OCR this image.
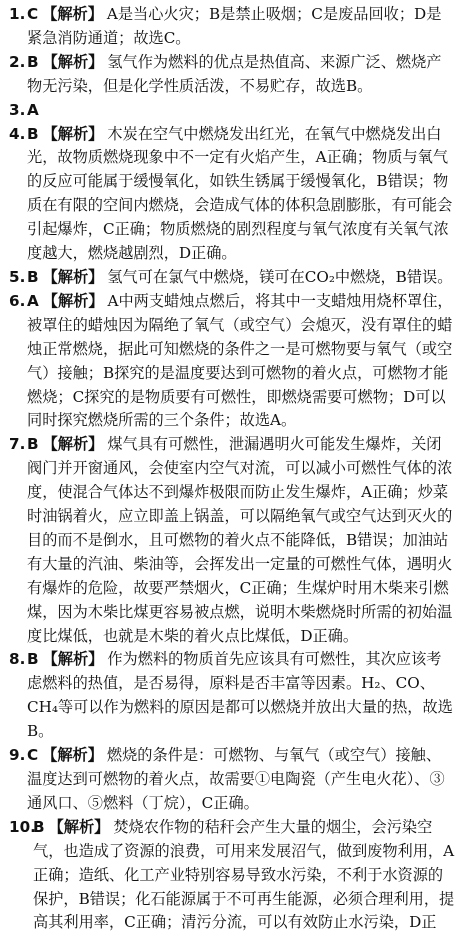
1. C 【解析】 A是当心火灾；B是禁止吸烟；C是废品回收；D是紧急消防通道；故选C。
2. B 【解析】 氢气作为燃料的优点是热值高、来源广泛、燃烧产物无污染，但是化学性质活泼，不易贮存，故选B。
3. A
4. B 【解析】 木炭在空气中燃烧发出红光，在氧气中燃烧发出白光，故物质燃烧现象中不一定有火焰产生，A正确；物质与氧气的反应可能属于缓慢氧化，如铁生锈属于缓慢氧化，B错误；物质在有限的空间内燃烧，会造成气体的体积急剧膨胀，有可能会引起爆炸，C正确；物质燃烧的剧烈程度与氧气浓度有关氧气浓度越大，燃烧越剧烈，D正确。
5. B 【解析】 氢气可在氯气中燃烧，镁可在CO₂中燃烧，B错误。
6. A 【解析】 A中两支蜡烛点燃后，将其中一支蜡烛用烧杯罩住，被罩住的蜡烛因为隔绝了氧气（或空气）会熄灭，没有罩住的蜡烛正常燃烧，据此可知燃烧的条件之一是可燃物要与氧气（或空气）接触；B探究的是温度要达到可燃物的着火点，可燃物才能燃烧；C探究的是物质要有可燃性，即燃烧需要可燃物；D可以同时探究燃烧所需的三个条件；故选A。
7. B 【解析】 煤气具有可燃性，泄漏遇明火可能发生爆炸，关闭阀门并开窗通风，会使室内空气对流，可以减小可燃性气体的浓度，使混合气体达不到爆炸极限而防止发生爆炸，A正确；炒菜时油锅着火，应立即盖上锅盖，可以隔绝氧气或空气达到灭火的目的而不是倒水，且可燃物的着火点不能降低，B错误；加油站有大量的汽油、柴油等，会挥发出一定量的可燃性气体，遇明火有爆炸的危险，故要严禁烟火，C正确；生煤炉时用木柴来引燃煤，因为木柴比煤更容易被点燃，说明木柴燃烧时所需的初始温度比煤低，也就是木柴的着火点比煤低，D正确。
8. B 【解析】 作为燃料的物质首先应该具有可燃性，其次应该考虑燃料的热值，是否易得，原料是否丰富等因素。H₂、CO、CH₄等可以作为燃料的原因是都可以燃烧并放出大量的热，故选B。
9. C 【解析】 燃烧的条件是：可燃物、与氧气（或空气）接触、温度达到可燃物的着火点，故需要①电陶瓷（产生电火花）、③通风口、⑤燃料（丁烷），C正确。
10.
B 【解析】 焚烧农作物的秸秆会产生大量的烟尘，会污染空气，也造成了资源的浪费，可用来发展沼气，做到废物利用，A正确；造纸、化工产业特别容易导致水污染，不利于水资源的保护，B错误；化石能源属于不可再生能源，必须合理利用，提高其利用率，C正确；清污分流，可以有效防止水污染，D正
